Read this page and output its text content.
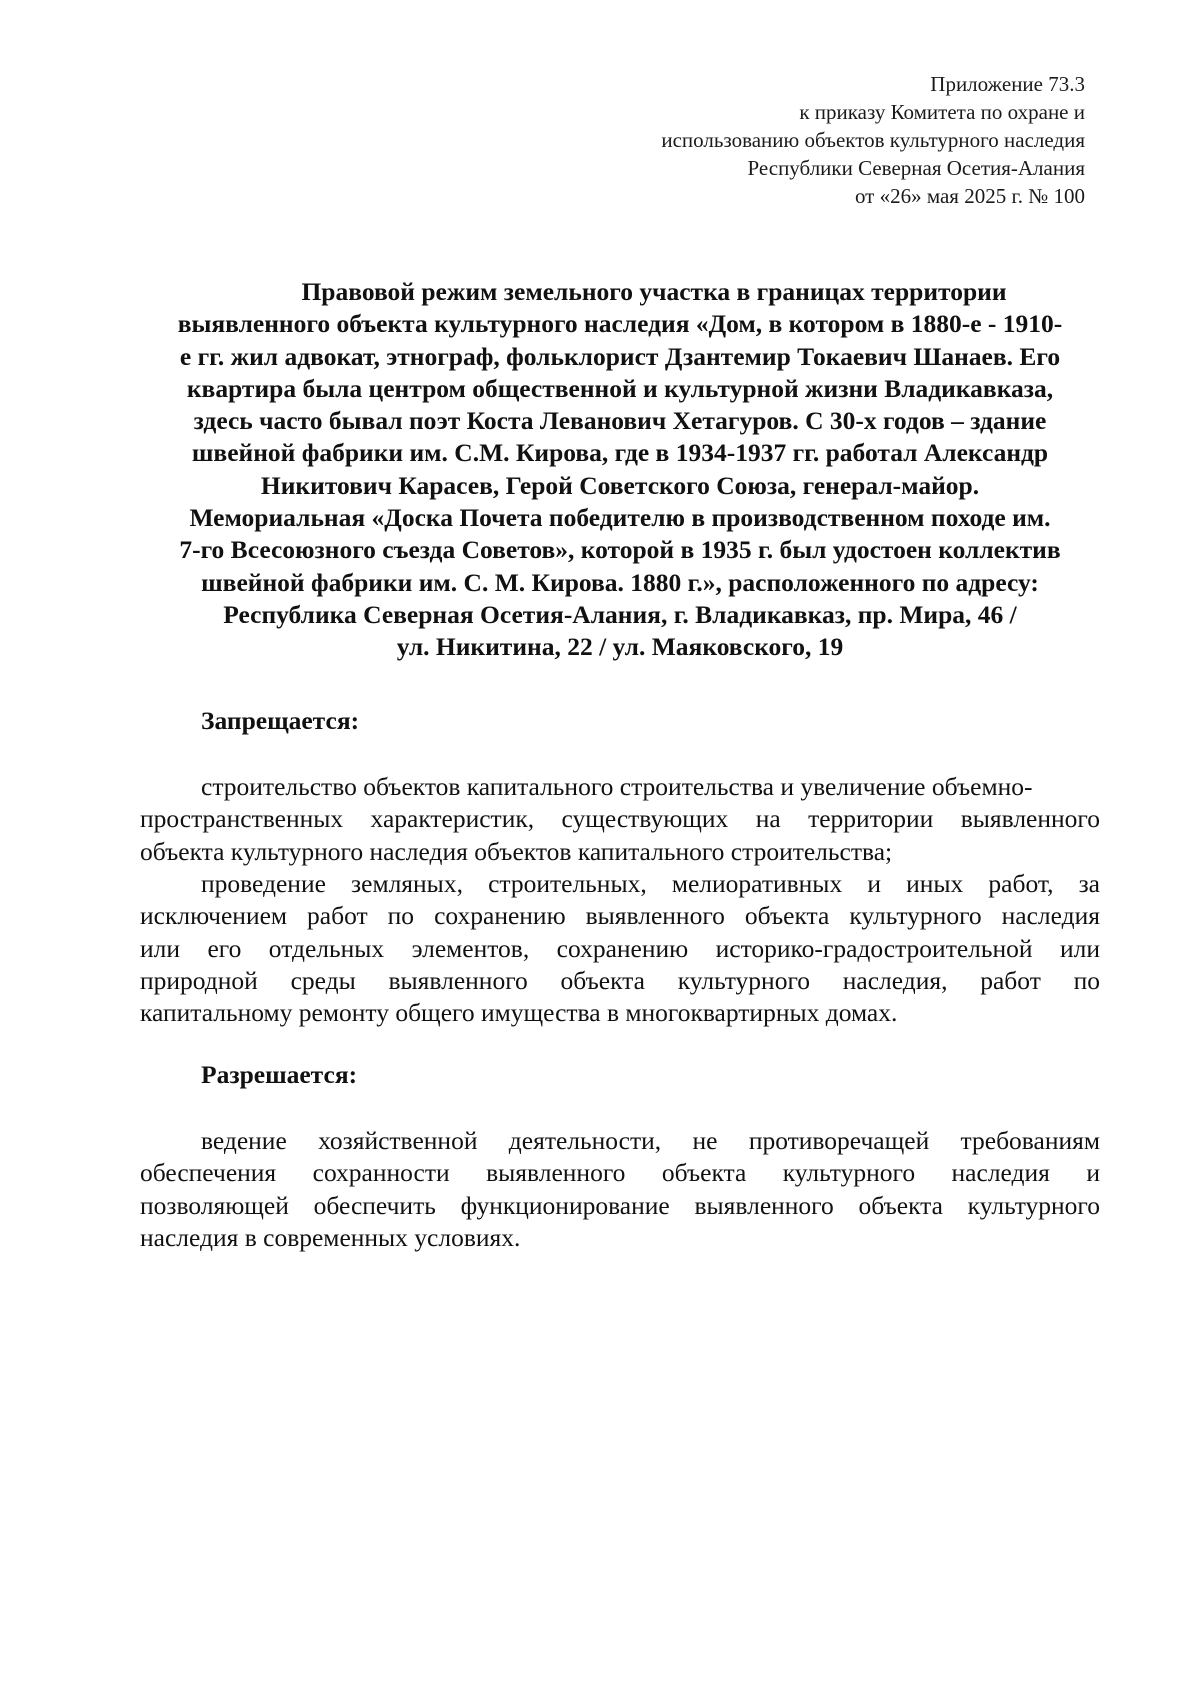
Приложение 73.3
к приказу Комитета по охране и
использованию объектов культурного наследия
Республики Северная Осетия-Алания
от «26» мая 2025 г. № 100
Правовой режим земельного участка в границах территории
выявленного объекта культурного наследия «Дом, в котором в 1880-е - 1910-
е гг. жил адвокат, этнограф, фольклорист Дзантемир Токаевич Шанаев. Его
квартира была центром общественной и культурной жизни Владикавказа,
здесь часто бывал поэт Коста Леванович Хетагуров. С 30-х годов – здание
швейной фабрики им. С.М. Кирова, где в 1934-1937 гг. работал Александр
Никитович Карасев, Герой Советского Союза, генерал-майор.
Мемориальная «Доска Почета победителю в производственном походе им.
7-го Всесоюзного съезда Советов», которой в 1935 г. был удостоен коллектив
швейной фабрики им. С. М. Кирова. 1880 г.», расположенного по адресу:
Республика Северная Осетия-Алания, г. Владикавказ, пр. Мира, 46 /
ул. Никитина, 22 / ул. Маяковского, 19
Запрещается:

строительство объектов капитального строительства и увеличение объемно-
пространственных характеристик, существующих на территории выявленного
объекта культурного наследия объектов капитального строительства;

проведение земляных, строительных, мелиоративных и иных работ, за
исключением работ по сохранению выявленного объекта культурного наследия
или его отдельных элементов, сохранению историко-градостроительной или
природной среды выявленного объекта культурного наследия, работ по
капитальному ремонту общего имущества в многоквартирных домах.

Разрешается:

ведение хозяйственной деятельности, не противоречащей требованиям
обеспечения сохранности выявленного объекта культурного наследия и
позволяющей обеспечить функционирование выявленного объекта культурного
наследия в современных условиях.
